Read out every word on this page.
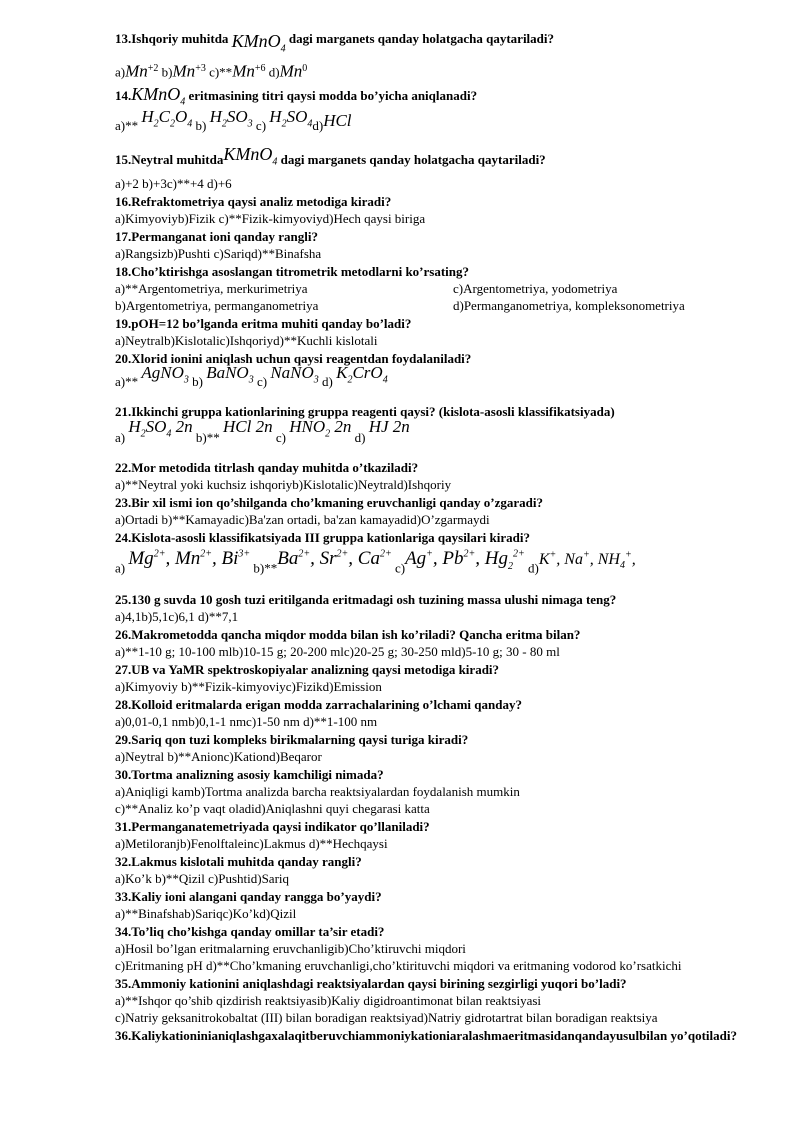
13.Ishqoriy muhitda KMnO$_4$ dagi marganets qanday holatgacha qaytariladi?
$a)Mn^{+2}$ $b)Mn^{+3}$ $c)**Mn^{+6}$ d)Mn$^0$
14.KMnO$_4$ eritmasining titri qaysi modda bo’yicha aniqlanadi?
a)** $H_2C_2O_4$ b) $H_2SO_3$ c) $H_2SO_4d)HCl$
15.Neytral muhitdaKMnO$_4$ dagi marganets qanday holatgacha qaytariladi?
a)+2 b)+3c)**+4 d)+6
16.Refraktometriya qaysi analiz metodiga kiradi?
a)Kimyoviyb)Fizik c)**Fizik-kimyoviyd)Hech qaysi biriga
17.Permanganat ioni qanday rangli?
a)Rangsizb)Pushti c)Sariqd)**Binafsha
18.Cho’ktirishga asoslangan titrometrik metodlarni ko’rsating?
a)**Argentometriya, merkurimetriya	c)Argentometriya, yodometriya
b)Argentometriya, permanganometriya	d)Permanganometriya, kompleksonometriya
19.pOH=12 bo’lganda eritma muhiti qanday bo’ladi?
a)Neytralb)Kislotalic)Ishqoriyd)**Kuchli kislotali
20.Xlorid ionini aniqlash uchun qaysi reagentdan foydalaniladi?
a)** AgNO$_3$ b) BaNO$_3$ c) NaNO$_3$ d) $K_2CrO_4$
21.Ikkinchi gruppa kationlarining gruppa reagenti qaysi? (kislota-asosli klassifikatsiyada)
a) $H_2SO_4$ 2n b)** HCl 2n c) $HNO_2$ 2n d) HJ 2n
22.Mor metodida titrlash qanday muhitda o’tkaziladi?
a)**Neytral yoki kuchsiz ishqoriyb)Kislotalic)Neytrald)Ishqoriy
23.Bir xil ismi ion qo’shilganda cho’kmaning eruvchanligi qanday o’zgaradi?
a)Ortadi b)**Kamayadic)Ba'zan ortadi, ba'zan kamayadid)O’zgarmaydi
24.Kislota-asosli klassifikatsiyada III gruppa kationlariga qaysilari kiradi?
a) $Mg^{2+}$, $Mn^{2+}$, $Bi^{3+}$ $b)**Ba^{2+}$, $Sr^{2+}$, $Ca^{2+}$ c)Ag+, $Pb^{2+}$, $Hg_2^{2+}$ d)K+, Na+, $NH_4^+$,
25.130 g suvda 10 gosh tuzi eritilganda eritmadagi osh tuzining massa ulushi nimaga teng?
a)4,1b)5,1c)6,1 d)**7,1
26.Makrometodda qancha miqdor modda bilan ish ko’riladi? Qancha eritma bilan?
a)**1-10 g; 10-100 mlb)10-15 g; 20-200 mlc)20-25 g; 30-250 mld)5-10 g; 30 - 80 ml
27.UB va YaMR spektroskopiyalar analizning qaysi metodiga kiradi?
a)Kimyoviy b)**Fizik-kimyoviyc)Fizikd)Emission
28.Kolloid eritmalarda erigan modda zarrachalarining o’lchami qanday?
a)0,01-0,1 nmb)0,1-1 nmc)1-50 nm d)**1-100 nm
29.Sariq qon tuzi kompleks birikmalarning qaysi turiga kiradi?
a)Neytral b)**Anionc)Kationd)Beqaror
30.Tortma analizning asosiy kamchiligi nimada?
a)Aniqligi kamb)Tortma analizda barcha reaktsiyalardan foydalanish mumkin
c)**Analiz ko’p vaqt oladid)Aniqlashni quyi chegarasi katta
31.Permanganatemetriyada qaysi indikator qo’llaniladi?
a)Metiloranjb)Fenolftaleinc)Lakmus d)**Hechqaysi
32.Lakmus kislotali muhitda qanday rangli?
a)Ko’k b)**Qizil c)Pushtid)Sariq
33.Kaliy ioni alangani qanday rangga bo’yaydi?
a)**Binafshab)Sariqc)Ko’kd)Qizil
34.To’liq cho’kishga qanday omillar ta’sir etadi?
a)Hosil bo’lgan eritmalarning eruvchanligib)Cho’ktiruvchi miqdori
c)Eritmaning pH d)**Cho’kmaning eruvchanligi,cho’ktirituvchi miqdori va eritmaning vodorod ko’rsatkichi
35.Ammoniy kationini aniqlashdagi reaktsiyalardan qaysi birining sezgirligi yuqori bo’ladi?
a)**Ishqor qo’shib qizdirish reaktsiyasib)Kaliy digidroantimonat bilan reaktsiyasi
c)Natriy geksanitrokobaltat (III) bilan boradigan reaktsiyad)Natriy gidrotartrat bilan boradigan reaktsiya
36.Kaliykationinianiqlashgaxalaqitberuvchiammoniykationiaralashmaeritmasidanqandayusulbilan yo’qotiladi?
